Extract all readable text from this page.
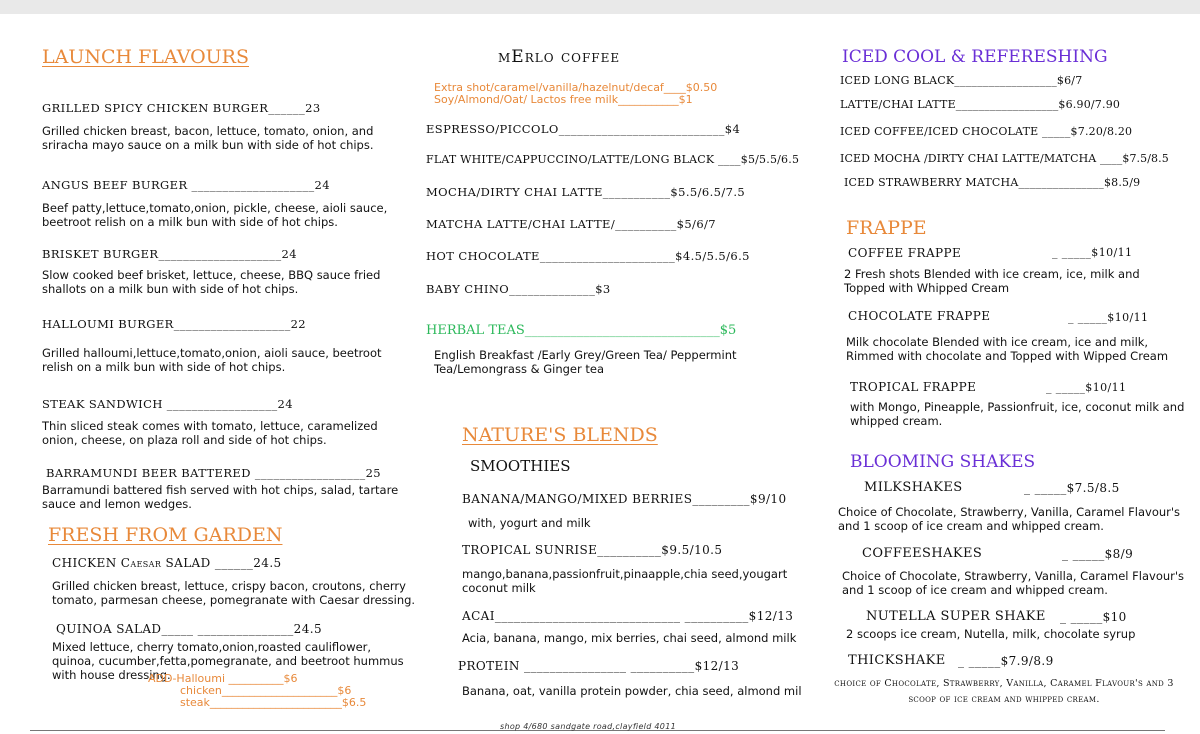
LAUNCH FLAVOURS
GRILLED SPICY CHICKEN BURGER______23
Grilled chicken breast, bacon, lettuce, tomato, onion, and sriracha mayo sauce on a milk bun with side of hot chips.
ANGUS BEEF BURGER ____________________24
Beef patty,lettuce,tomato,onion, pickle, cheese, aioli sauce, beetroot relish on a milk bun with side of hot chips.
BRISKET BURGER____________________24
Slow cooked beef brisket, lettuce, cheese, BBQ sauce fried shallots on a milk bun with side of hot chips.
HALLOUMI BURGER___________________22
Grilled halloumi,lettuce,tomato,onion, aioli sauce, beetroot relish on a milk bun with side of hot chips.
STEAK SANDWICH __________________24
Thin sliced steak comes with tomato, lettuce, caramelized onion, cheese, on plaza roll and side of hot chips.
BARRAMUNDI BEER BATTERED __________________25
Barramundi battered fish served with hot chips, salad, tartare sauce and lemon wedges.
FRESH FROM GARDEN
CHICKEN Caesar SALAD ______24.5
Grilled chicken breast, lettuce, crispy bacon, croutons, cherry tomato, parmesan cheese, pomegranate with Caesar dressing.
QUINOA SALAD_____ _______________24.5
Mixed lettuce, cherry tomato,onion,roasted cauliflower, quinoa, cucumber,fetta,pomegranate, and beetroot hummus with house dressing.
ADD-Halloumi __________$6
chicken_____________________$6
steak________________________$6.5
mErlo coffee
Extra shot/caramel/vanilla/hazelnut/decaf____$0.50
Soy/Almond/Oat/ Lactos free milk___________$1
ESPRESSO/PICCOLO___________________________$4
FLAT WHITE/CAPPUCCINO/LATTE/LONG BLACK ____$5/5.5/6.5
MOCHA/DIRTY CHAI LATTE___________$5.5/6.5/7.5
MATCHA LATTE/CHAI LATTE/__________$5/6/7
HOT CHOCOLATE______________________$4.5/5.5/6.5
BABY CHINO______________$3
HERBAL TEAS______________________________$5
English Breakfast /Early Grey/Green Tea/ Peppermint Tea/Lemongrass & Ginger tea
NATURE'S BLENDS
SMOOTHIES
BANANA/MANGO/MIXED BERRIES_________$9/10
with, yogurt and milk
TROPICAL SUNRISE__________$9.5/10.5
mango,banana,passionfruit,pinaapple,chia seed,yougart coconut milk
ACAI_____________________________ __________$12/13
Acia, banana, mango, mix berries, chai seed, almond milk
PROTEIN ________________ __________$12/13
Banana, oat, vanilla protein powder, chia seed, almond mil
ICED COOL & REFERESHING
ICED LONG BLACK__________________$6/7
LATTE/CHAI LATTE__________________$6.90/7.90
ICED COFFEE/ICED CHOCOLATE _____$7.20/8.20
ICED MOCHA /DIRTY CHAI LATTE/MATCHA ____$7.5/8.5
ICED STRAWBERRY MATCHA_______________$8.5/9
FRAPPE
COFFEE FRAPPE	_ _____$10/11
2 Fresh shots Blended with ice cream, ice, milk and Topped with Whipped Cream
CHOCOLATE FRAPPE	_ _____$10/11
Milk chocolate Blended with ice cream, ice and milk, Rimmed with chocolate and Topped with Wipped Cream
TROPICAL FRAPPE	_ _____$10/11
with Mongo, Pineapple, Passionfruit, ice, coconut milk and whipped cream.
BLOOMING SHAKES
MILKSHAKES	_ _____$7.5/8.5
Choice of Chocolate, Strawberry, Vanilla, Caramel Flavour's and 1 scoop of ice cream and whipped cream.
COFFEESHAKES	_ _____$8/9
Choice of Chocolate, Strawberry, Vanilla, Caramel Flavour's and 1 scoop of ice cream and whipped cream.
NUTELLA SUPER SHAKE _ _____$10
2 scoops ice cream, Nutella, milk, chocolate syrup
THICKSHAKE _ _____$7.9/8.9
choice of Chocolate, Strawberry, Vanilla, Caramel Flavour's and 3 scoop of ice cream and whipped cream.
shop 4/680 sandgate road,clayfield 4011
